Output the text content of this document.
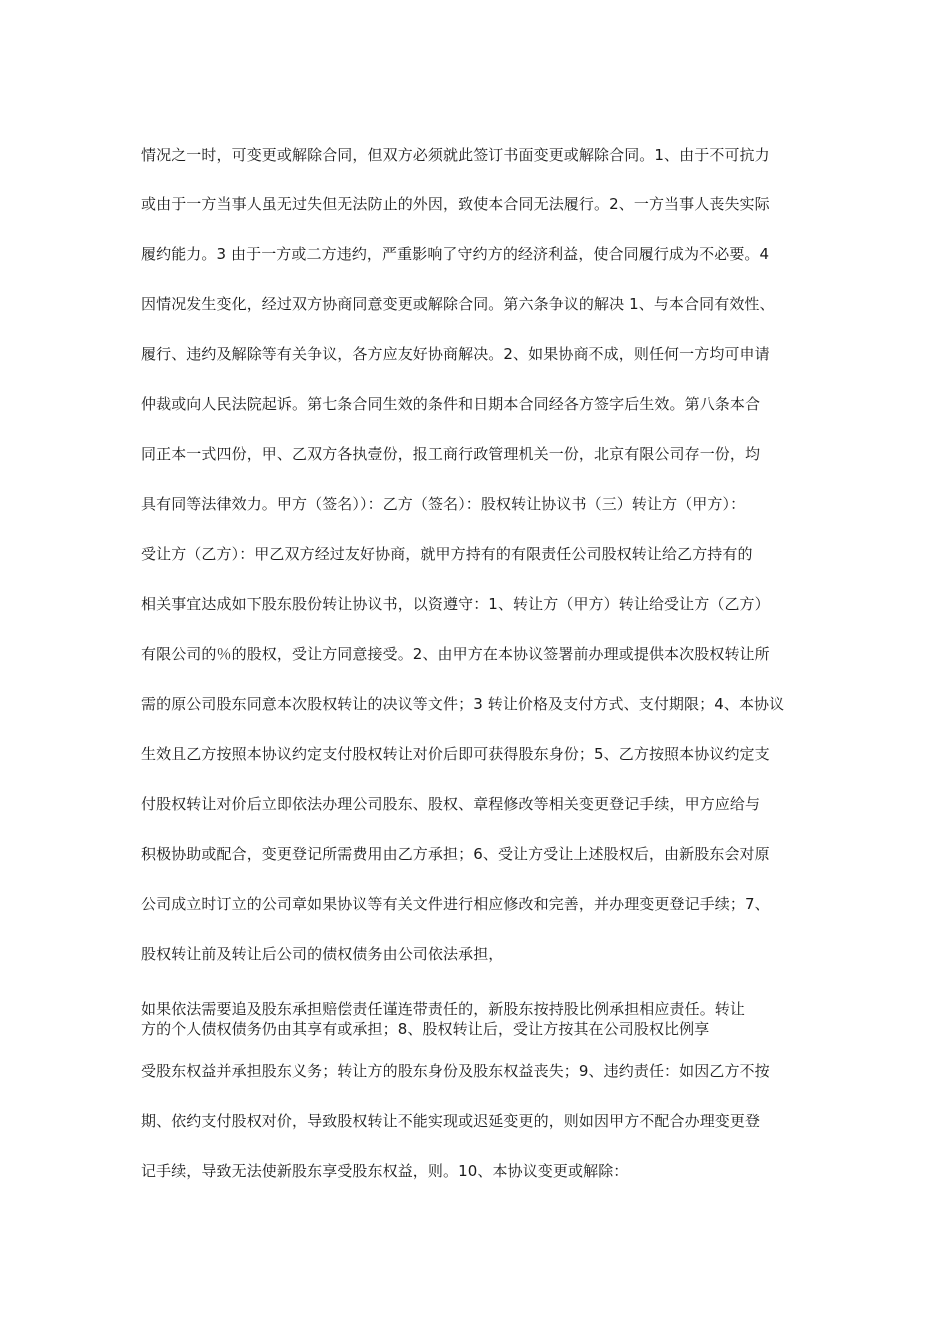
情况之一时，可变更或解除合同，但双方必须就此签订书面变更或解除合同。1、由于不可抗力
或由于一方当事人虽无过失但无法防止的外因，致使本合同无法履行。2、一方当事人丧失实际
履约能力。3 由于一方或二方违约，严重影响了守约方的经济利益，使合同履行成为不必要。4
因情况发生变化，经过双方协商同意变更或解除合同。第六条争议的解决 1、与本合同有效性、
履行、违约及解除等有关争议，各方应友好协商解决。2、如果协商不成，则任何一方均可申请
仲裁或向人民法院起诉。第七条合同生效的条件和日期本合同经各方签字后生效。第八条本合
同正本一式四份，甲、乙双方各执壹份，报工商行政管理机关一份，北京有限公司存一份，均
具有同等法律效力。甲方（签名））：乙方（签名）：股权转让协议书（三）转让方（甲方）：
受让方（乙方）：甲乙双方经过友好协商，就甲方持有的有限责任公司股权转让给乙方持有的
相关事宜达成如下股东股份转让协议书，以资遵守：1、转让方（甲方）转让给受让方（乙方）
有限公司的％的股权，受让方同意接受。2、由甲方在本协议签署前办理或提供本次股权转让所
需的原公司股东同意本次股权转让的决议等文件；3 转让价格及支付方式、支付期限；4、本协议
生效且乙方按照本协议约定支付股权转让对价后即可获得股东身份；5、乙方按照本协议约定支
付股权转让对价后立即依法办理公司股东、股权、章程修改等相关变更登记手续，甲方应给与
积极协助或配合，变更登记所需费用由乙方承担；6、受让方受让上述股权后，由新股东会对原
公司成立时订立的公司章如果协议等有关文件进行相应修改和完善，并办理变更登记手续；7、
股权转让前及转让后公司的债权债务由公司依法承担，
如果依法需要追及股东承担赔偿责任谨连带责任的，新股东按持股比例承担相应责任。转让
方的个人债权债务仍由其享有或承担；8、股权转让后，受让方按其在公司股权比例享
受股东权益并承担股东义务；转让方的股东身份及股东权益丧失；9、违约责任：如因乙方不按
期、依约支付股权对价，导致股权转让不能实现或迟延变更的，则如因甲方不配合办理变更登
记手续，导致无法使新股东享受股东权益，则。10、本协议变更或解除：
